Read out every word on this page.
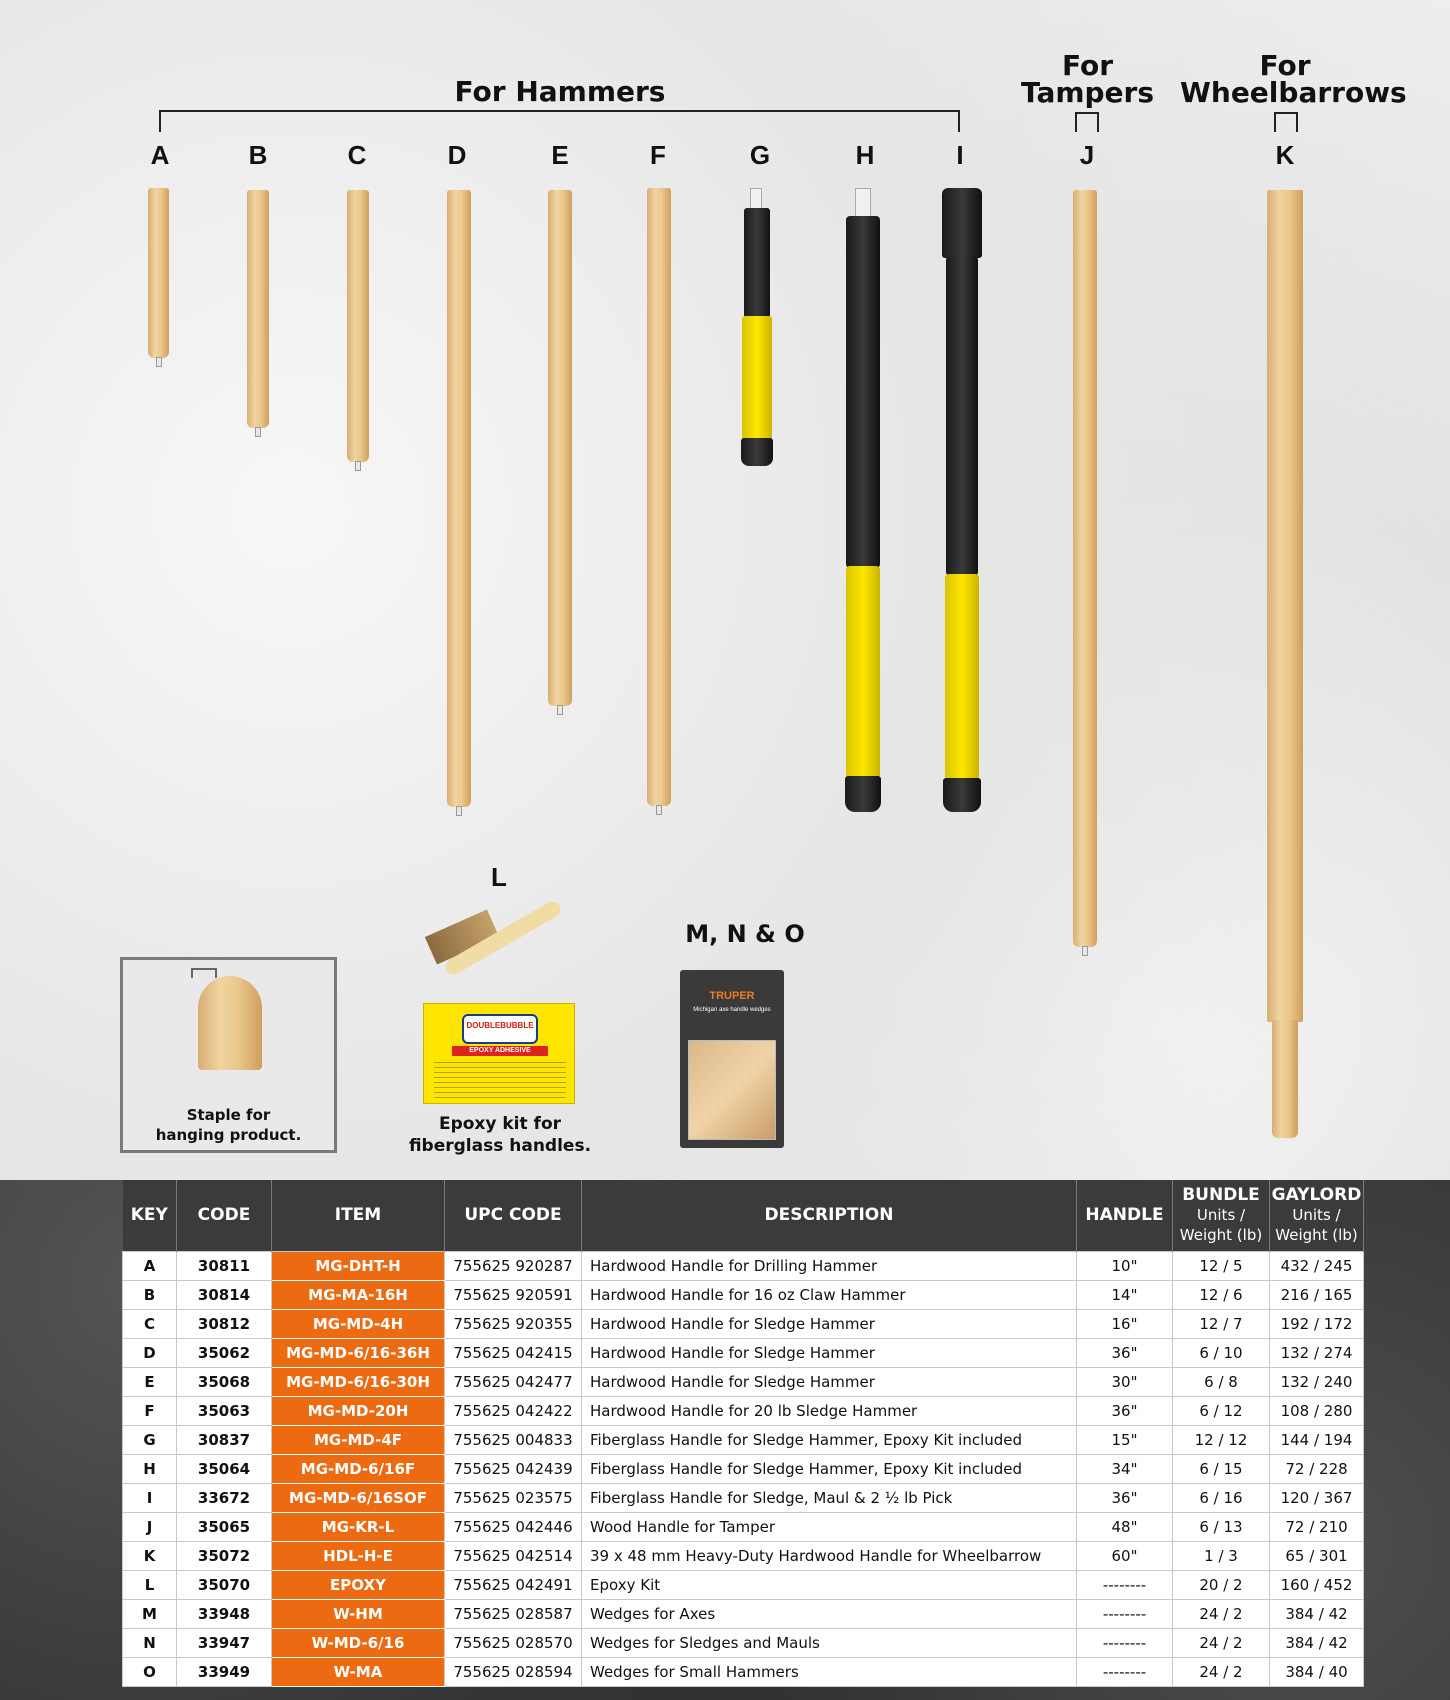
For Hammers
For
Tampers
For
Wheelbarrows
A	B	C	D	E	F	G	H	I	J	K
Staple for
hanging product.
L
DOUBLEBUBBLE
EPOXY ADHESIVE
Epoxy kit for
fiberglass handles.
M, N & O
TRUPER
Michigan axe handle wedges
KEY	CODE	ITEM	UPC CODE	DESCRIPTION	HANDLE	BUNDLE
Units / Weight (lb)	GAYLORD
Units / Weight (lb)

A	30811	MG-DHT-H	755625 920287	Hardwood Handle for Drilling Hammer	10"	12 / 5	432 / 245
B	30814	MG-MA-16H	755625 920591	Hardwood Handle for 16 oz Claw Hammer	14"	12 / 6	216 / 165
C	30812	MG-MD-4H	755625 920355	Hardwood Handle for Sledge Hammer	16"	12 / 7	192 / 172
D	35062	MG-MD-6/16-36H	755625 042415	Hardwood Handle for Sledge Hammer	36"	6 / 10	132 / 274
E	35068	MG-MD-6/16-30H	755625 042477	Hardwood Handle for Sledge Hammer	30"	6 / 8	132 / 240
F	35063	MG-MD-20H	755625 042422	Hardwood Handle for 20 lb Sledge Hammer	36"	6 / 12	108 / 280
G	30837	MG-MD-4F	755625 004833	Fiberglass Handle for Sledge Hammer, Epoxy Kit included	15"	12 / 12	144 / 194
H	35064	MG-MD-6/16F	755625 042439	Fiberglass Handle for Sledge Hammer, Epoxy Kit included	34"	6 / 15	72 / 228
I	33672	MG-MD-6/16SOF	755625 023575	Fiberglass Handle for Sledge, Maul & 2 ½ lb Pick	36"	6 / 16	120 / 367
J	35065	MG-KR-L	755625 042446	Wood Handle for Tamper	48"	6 / 13	72 / 210
K	35072	HDL-H-E	755625 042514	39 x 48 mm Heavy-Duty Hardwood Handle for Wheelbarrow	60"	1 / 3	65 / 301
L	35070	EPOXY	755625 042491	Epoxy Kit	--------	20 / 2	160 / 452
M	33948	W-HM	755625 028587	Wedges for Axes	--------	24 / 2	384 / 42
N	33947	W-MD-6/16	755625 028570	Wedges for Sledges and Mauls	--------	24 / 2	384 / 42
O	33949	W-MA	755625 028594	Wedges for Small Hammers	--------	24 / 2	384 / 40
